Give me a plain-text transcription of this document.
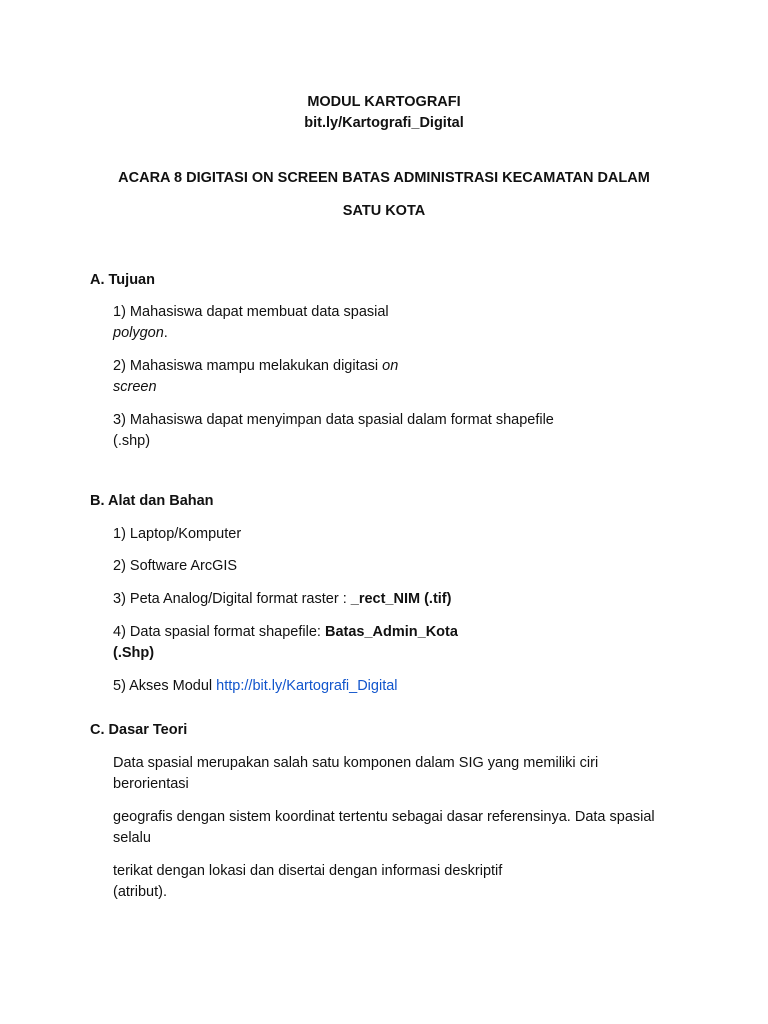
MODUL KARTOGRAFI
bit.ly/Kartografi_Digital
ACARA 8 DIGITASI ON SCREEN BATAS ADMINISTRASI KECAMATAN DALAM
SATU KOTA
A. Tujuan
1) Mahasiswa dapat membuat data spasial
polygon.
2) Mahasiswa mampu melakukan digitasi on
screen
3) Mahasiswa dapat menyimpan data spasial dalam format shapefile
(.shp)
B. Alat dan Bahan
1) Laptop/Komputer
2) Software ArcGIS
3) Peta Analog/Digital format raster : _rect_NIM (.tif)
4) Data spasial format shapefile: Batas_Admin_Kota
(.Shp)
5) Akses Modul http://bit.ly/Kartografi_Digital
C. Dasar Teori
Data spasial merupakan salah satu komponen dalam SIG yang memiliki ciri
berorientasi
geografis dengan sistem koordinat tertentu sebagai dasar referensinya. Data spasial
selalu
terikat dengan lokasi dan disertai dengan informasi deskriptif
(atribut).
